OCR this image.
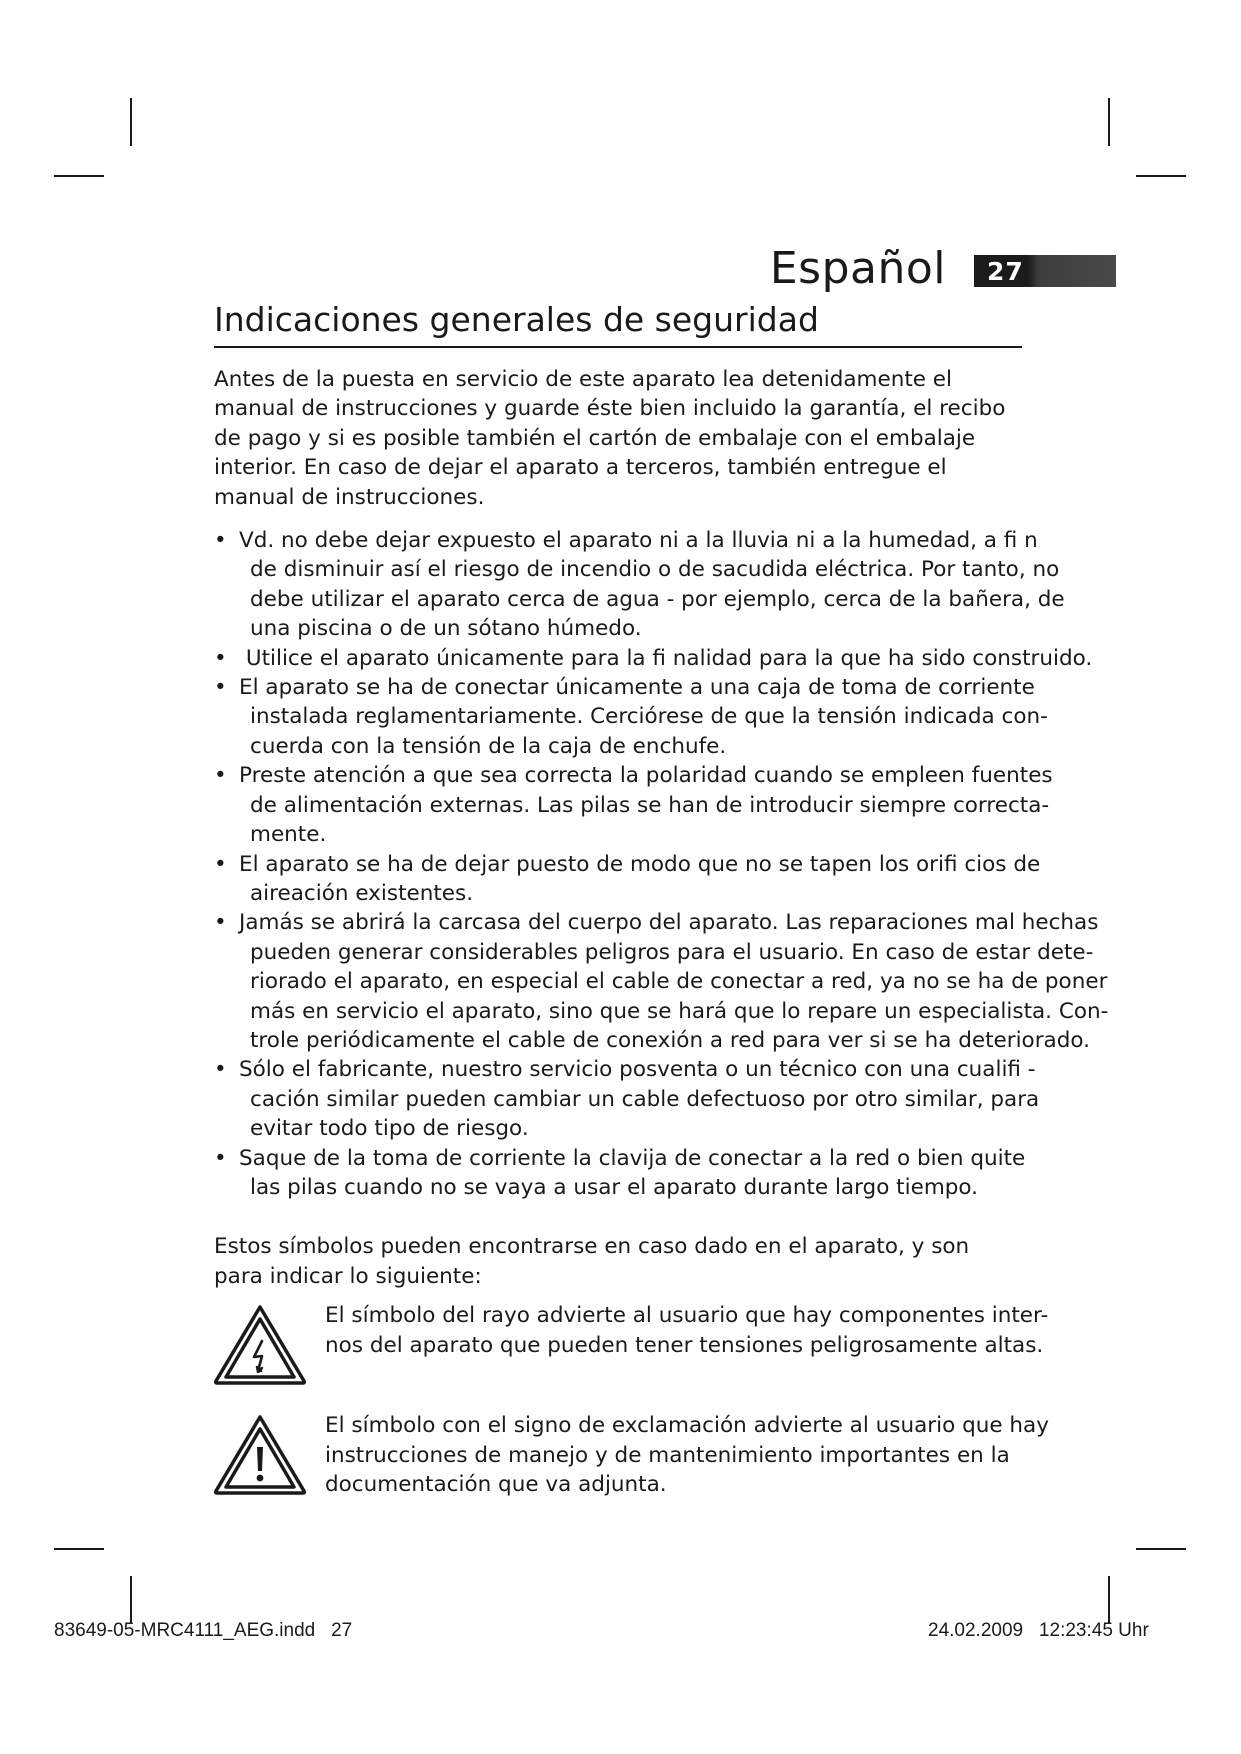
Español 27
Indicaciones generales de seguridad

Antes de la puesta en servicio de este aparato lea detenidamente el manual de instrucciones y guarde éste bien incluido la garantía, el recibo de pago y si es posible también el cartón de embalaje con el embalaje interior. En caso de dejar el aparato a terceros, también entregue el manual de instrucciones.

• Vd. no debe dejar expuesto el aparato ni a la lluvia ni a la humedad, a fi n
de disminuir así el riesgo de incendio o de sacudida eléctrica. Por tanto, no
debe utilizar el aparato cerca de agua - por ejemplo, cerca de la bañera, de
una piscina o de un sótano húmedo.
• Utilice el aparato únicamente para la fi nalidad para la que ha sido construido.
• El aparato se ha de conectar únicamente a una caja de toma de corriente
instalada reglamentariamente. Cerciórese de que la tensión indicada con-
cuerda con la tensión de la caja de enchufe.
• Preste atención a que sea correcta la polaridad cuando se empleen fuentes
de alimentación externas. Las pilas se han de introducir siempre correcta-
mente.
• El aparato se ha de dejar puesto de modo que no se tapen los orifi cios de
aireación existentes.
• Jamás se abrirá la carcasa del cuerpo del aparato. Las reparaciones mal hechas
pueden generar considerables peligros para el usuario. En caso de estar dete-
riorado el aparato, en especial el cable de conectar a red, ya no se ha de poner
más en servicio el aparato, sino que se hará que lo repare un especialista. Con-
trole periódicamente el cable de conexión a red para ver si se ha deteriorado.
• Sólo el fabricante, nuestro servicio posventa o un técnico con una cualifi -
cación similar pueden cambiar un cable defectuoso por otro similar, para
evitar todo tipo de riesgo.
• Saque de la toma de corriente la clavija de conectar a la red o bien quite
las pilas cuando no se vaya a usar el aparato durante largo tiempo.

Estos símbolos pueden encontrarse en caso dado en el aparato, y son para indicar lo siguiente:

El símbolo del rayo advierte al usuario que hay componentes inter-
nos del aparato que pueden tener tensiones peligrosamente altas.
El símbolo con el signo de exclamación advierte al usuario que hay
instrucciones de manejo y de mantenimiento importantes en la
documentación que va adjunta.
83649-05-MRC4111_AEG.indd   27	24.02.2009   12:23:45 Uhr
